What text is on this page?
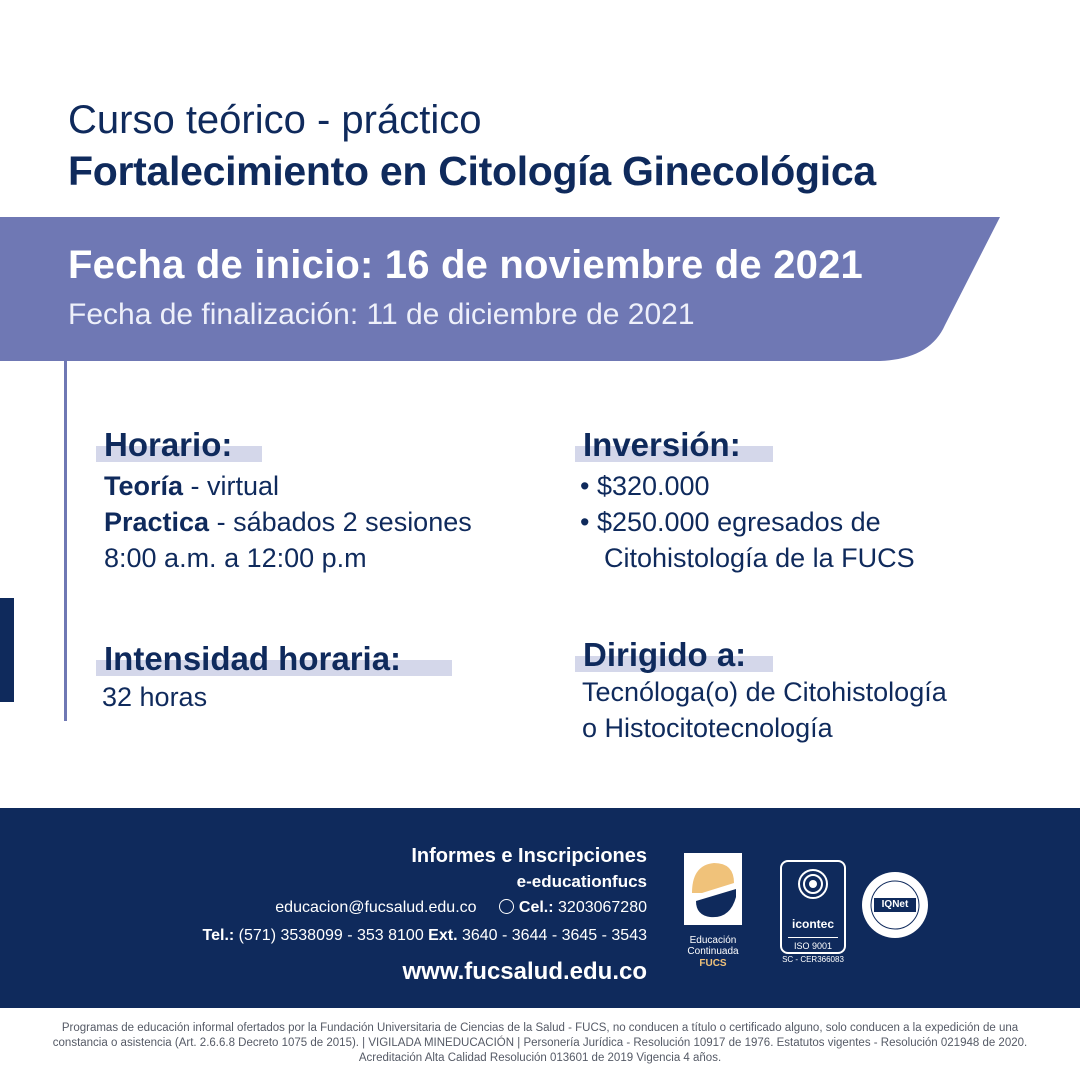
Curso teórico - práctico
Fortalecimiento en Citología Ginecológica
Fecha de inicio: 16 de noviembre de 2021
Fecha de finalización: 11 de diciembre de 2021
Horario:
Teoría - virtual
Practica - sábados 2 sesiones
8:00 a.m. a 12:00 p.m
Inversión:
• $320.000
• $250.000 egresados de
Citohistología de la FUCS
Intensidad horaria:
32 horas
Dirigido a:
Tecnóloga(o) de Citohistología
o Histocitotecnología
Informes e Inscripciones
e-educationfucs
educacion@fucsalud.edu.co	Cel.: 3203067280
Tel.: (571) 3538099 - 353 8100 Ext. 3640 - 3644 - 3645 - 3543
www.fucsalud.edu.co
Educación
Continuada
FUCS
icontec
ISO 9001
SC - CER366083
IQNet
Programas de educación informal ofertados por la Fundación Universitaria de Ciencias de la Salud - FUCS, no conducen a título o certificado alguno, solo conducen a la expedición de una constancia o asistencia (Art. 2.6.6.8 Decreto 1075 de 2015). | VIGILADA MINEDUCACIÓN | Personería Jurídica - Resolución 10917 de 1976. Estatutos vigentes - Resolución 021948 de 2020. Acreditación Alta Calidad Resolución 013601 de 2019 Vigencia 4 años.
